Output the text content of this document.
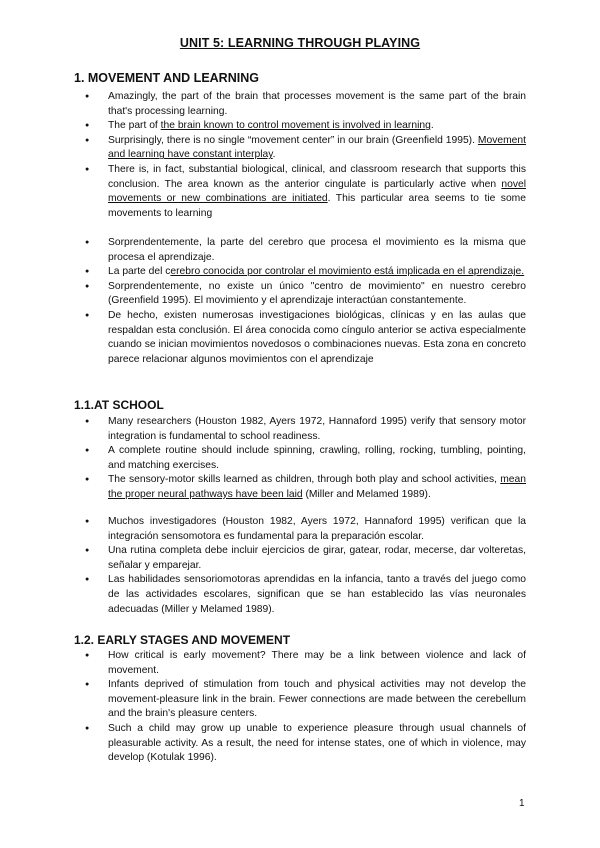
UNIT 5: LEARNING THROUGH PLAYING
1. MOVEMENT AND LEARNING
● Amazingly, the part of the brain that processes movement is the same part of the brain that's processing learning.
● The part of the brain known to control movement is involved in learning.
● Surprisingly, there is no single “movement center” in our brain (Greenfield 1995). Movement and learning have constant interplay.
● There is, in fact, substantial biological, clinical, and classroom research that supports this conclusion. The area known as the anterior cingulate is particularly active when novel movements or new combinations are initiated. This particular area seems to tie some movements to learning
● Sorprendentemente, la parte del cerebro que procesa el movimiento es la misma que procesa el aprendizaje.
● La parte del cerebro conocida por controlar el movimiento está implicada en el aprendizaje.
● Sorprendentemente, no existe un único "centro de movimiento" en nuestro cerebro (Greenfield 1995). El movimiento y el aprendizaje interactúan constantemente.
● De hecho, existen numerosas investigaciones biológicas, clínicas y en las aulas que respaldan esta conclusión. El área conocida como cíngulo anterior se activa especialmente cuando se inician movimientos novedosos o combinaciones nuevas. Esta zona en concreto parece relacionar algunos movimientos con el aprendizaje
1.1.AT SCHOOL
● Many researchers (Houston 1982, Ayers 1972, Hannaford 1995) verify that sensory motor integration is fundamental to school readiness.
● A complete routine should include spinning, crawling, rolling, rocking, tumbling, pointing, and matching exercises.
● The sensory-motor skills learned as children, through both play and school activities, mean the proper neural pathways have been laid (Miller and Melamed 1989).
● Muchos investigadores (Houston 1982, Ayers 1972, Hannaford 1995) verifican que la integración sensomotora es fundamental para la preparación escolar.
● Una rutina completa debe incluir ejercicios de girar, gatear, rodar, mecerse, dar volteretas, señalar y emparejar.
● Las habilidades sensoriomotoras aprendidas en la infancia, tanto a través del juego como de las actividades escolares, significan que se han establecido las vías neuronales adecuadas (Miller y Melamed 1989).
1.2. EARLY STAGES AND MOVEMENT
● How critical is early movement? There may be a link between violence and lack of movement.
● Infants deprived of stimulation from touch and physical activities may not develop the movement-pleasure link in the brain. Fewer connections are made between the cerebellum and the brain's pleasure centers.
● Such a child may grow up unable to experience pleasure through usual channels of pleasurable activity. As a result, the need for intense states, one of which in violence, may develop (Kotulak 1996).
1
